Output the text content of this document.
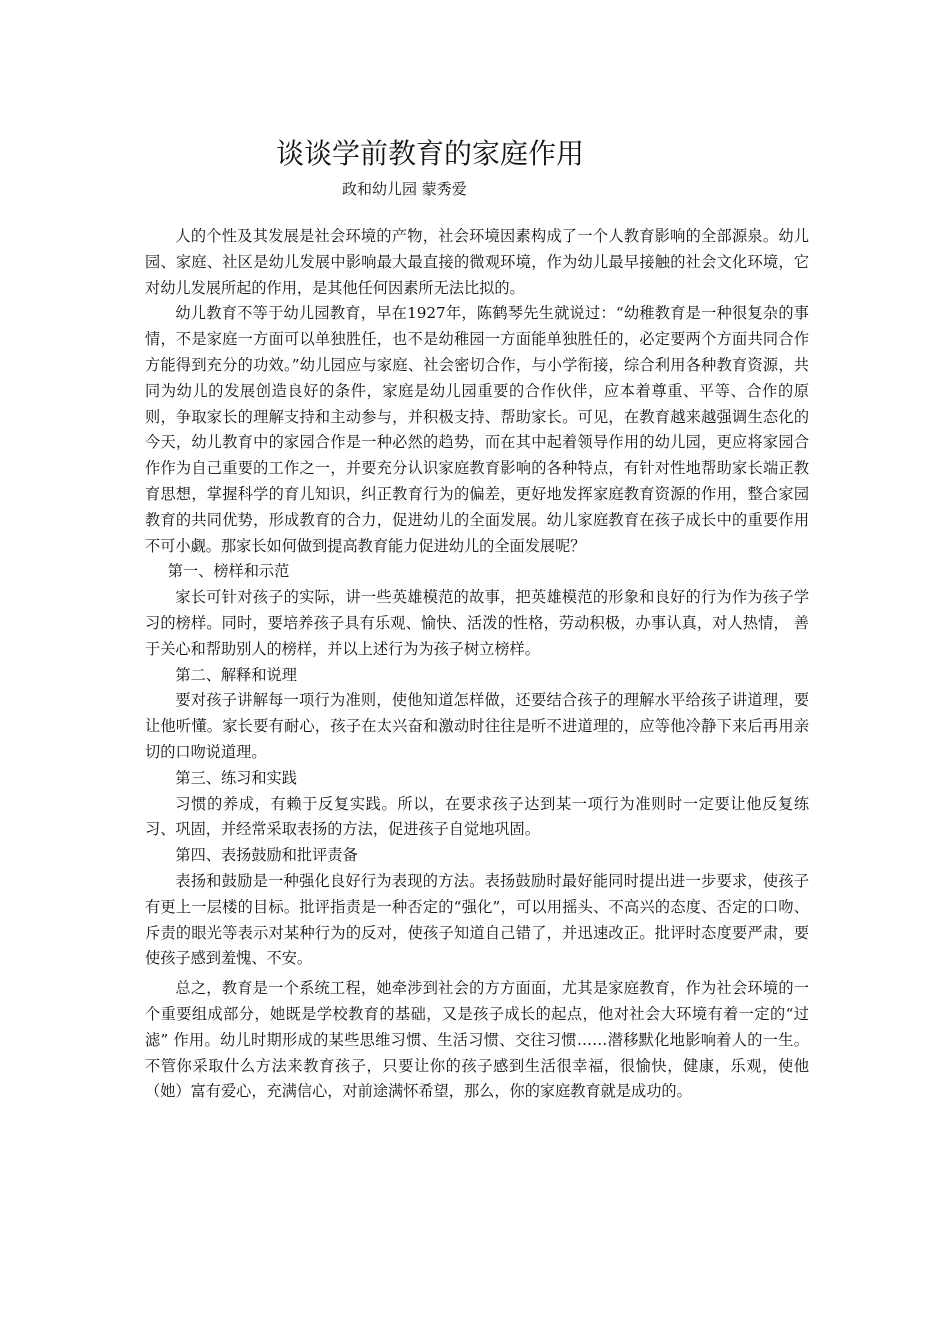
谈谈学前教育的家庭作用
政和幼儿园 蒙秀爱

人的个性及其发展是社会环境的产物，社会环境因素构成了一个人教育影响的全部源泉。幼儿园、家庭、社区是幼儿发展中影响最大最直接的微观环境，作为幼儿最早接触的社会文化环境，它对幼儿发展所起的作用，是其他任何因素所无法比拟的。

幼儿教育不等于幼儿园教育，早在1927年，陈鹤琴先生就说过：“幼稚教育是一种很复杂的事情，不是家庭一方面可以单独胜任，也不是幼稚园一方面能单独胜任的，必定要两个方面共同合作方能得到充分的功效。”幼儿园应与家庭、社会密切合作，与小学衔接，综合利用各种教育资源，共同为幼儿的发展创造良好的条件，家庭是幼儿园重要的合作伙伴，应本着尊重、平等、合作的原则，争取家长的理解支持和主动参与，并积极支持、帮助家长。可见，在教育越来越强调生态化的今天，幼儿教育中的家园合作是一种必然的趋势，而在其中起着领导作用的幼儿园，更应将家园合作作为自己重要的工作之一，并要充分认识家庭教育影响的各种特点，有针对性地帮助家长端正教育思想，掌握科学的育儿知识，纠正教育行为的偏差，更好地发挥家庭教育资源的作用，整合家园教育的共同优势，形成教育的合力，促进幼儿的全面发展。幼儿家庭教育在孩子成长中的重要作用不可小觑。那家长如何做到提高教育能力促进幼儿的全面发展呢？

第一、榜样和示范

家长可针对孩子的实际，讲一些英雄模范的故事，把英雄模范的形象和良好的行为作为孩子学习的榜样。同时，要培养孩子具有乐观、愉快、活泼的性格，劳动积极，办事认真，对人热情， 善于关心和帮助别人的榜样，并以上述行为为孩子树立榜样。

第二、解释和说理

要对孩子讲解每一项行为准则，使他知道怎样做，还要结合孩子的理解水平给孩子讲道理，要让他听懂。家长要有耐心，孩子在太兴奋和激动时往往是听不进道理的，应等他冷静下来后再用亲切的口吻说道理。

第三、练习和实践

习惯的养成，有赖于反复实践。所以，在要求孩子达到某一项行为准则时一定要让他反复练习、巩固，并经常采取表扬的方法，促进孩子自觉地巩固。

第四、表扬鼓励和批评责备

表扬和鼓励是一种强化良好行为表现的方法。表扬鼓励时最好能同时提出进一步要求，使孩子有更上一层楼的目标。批评指责是一种否定的“强化”，可以用摇头、不高兴的态度、否定的口吻、斥责的眼光等表示对某种行为的反对，使孩子知道自己错了，并迅速改正。批评时态度要严肃，要使孩子感到羞愧、不安。

总之，教育是一个系统工程，她牵涉到社会的方方面面，尤其是家庭教育，作为社会环境的一个重要组成部分，她既是学校教育的基础，又是孩子成长的起点，他对社会大环境有着一定的“过滤” 作用。幼儿时期形成的某些思维习惯、生活习惯、交往习惯……潜移默化地影响着人的一生。不管你采取什么方法来教育孩子，只要让你的孩子感到生活很幸福，很愉快，健康，乐观，使他（她）富有爱心，充满信心，对前途满怀希望，那么，你的家庭教育就是成功的。
